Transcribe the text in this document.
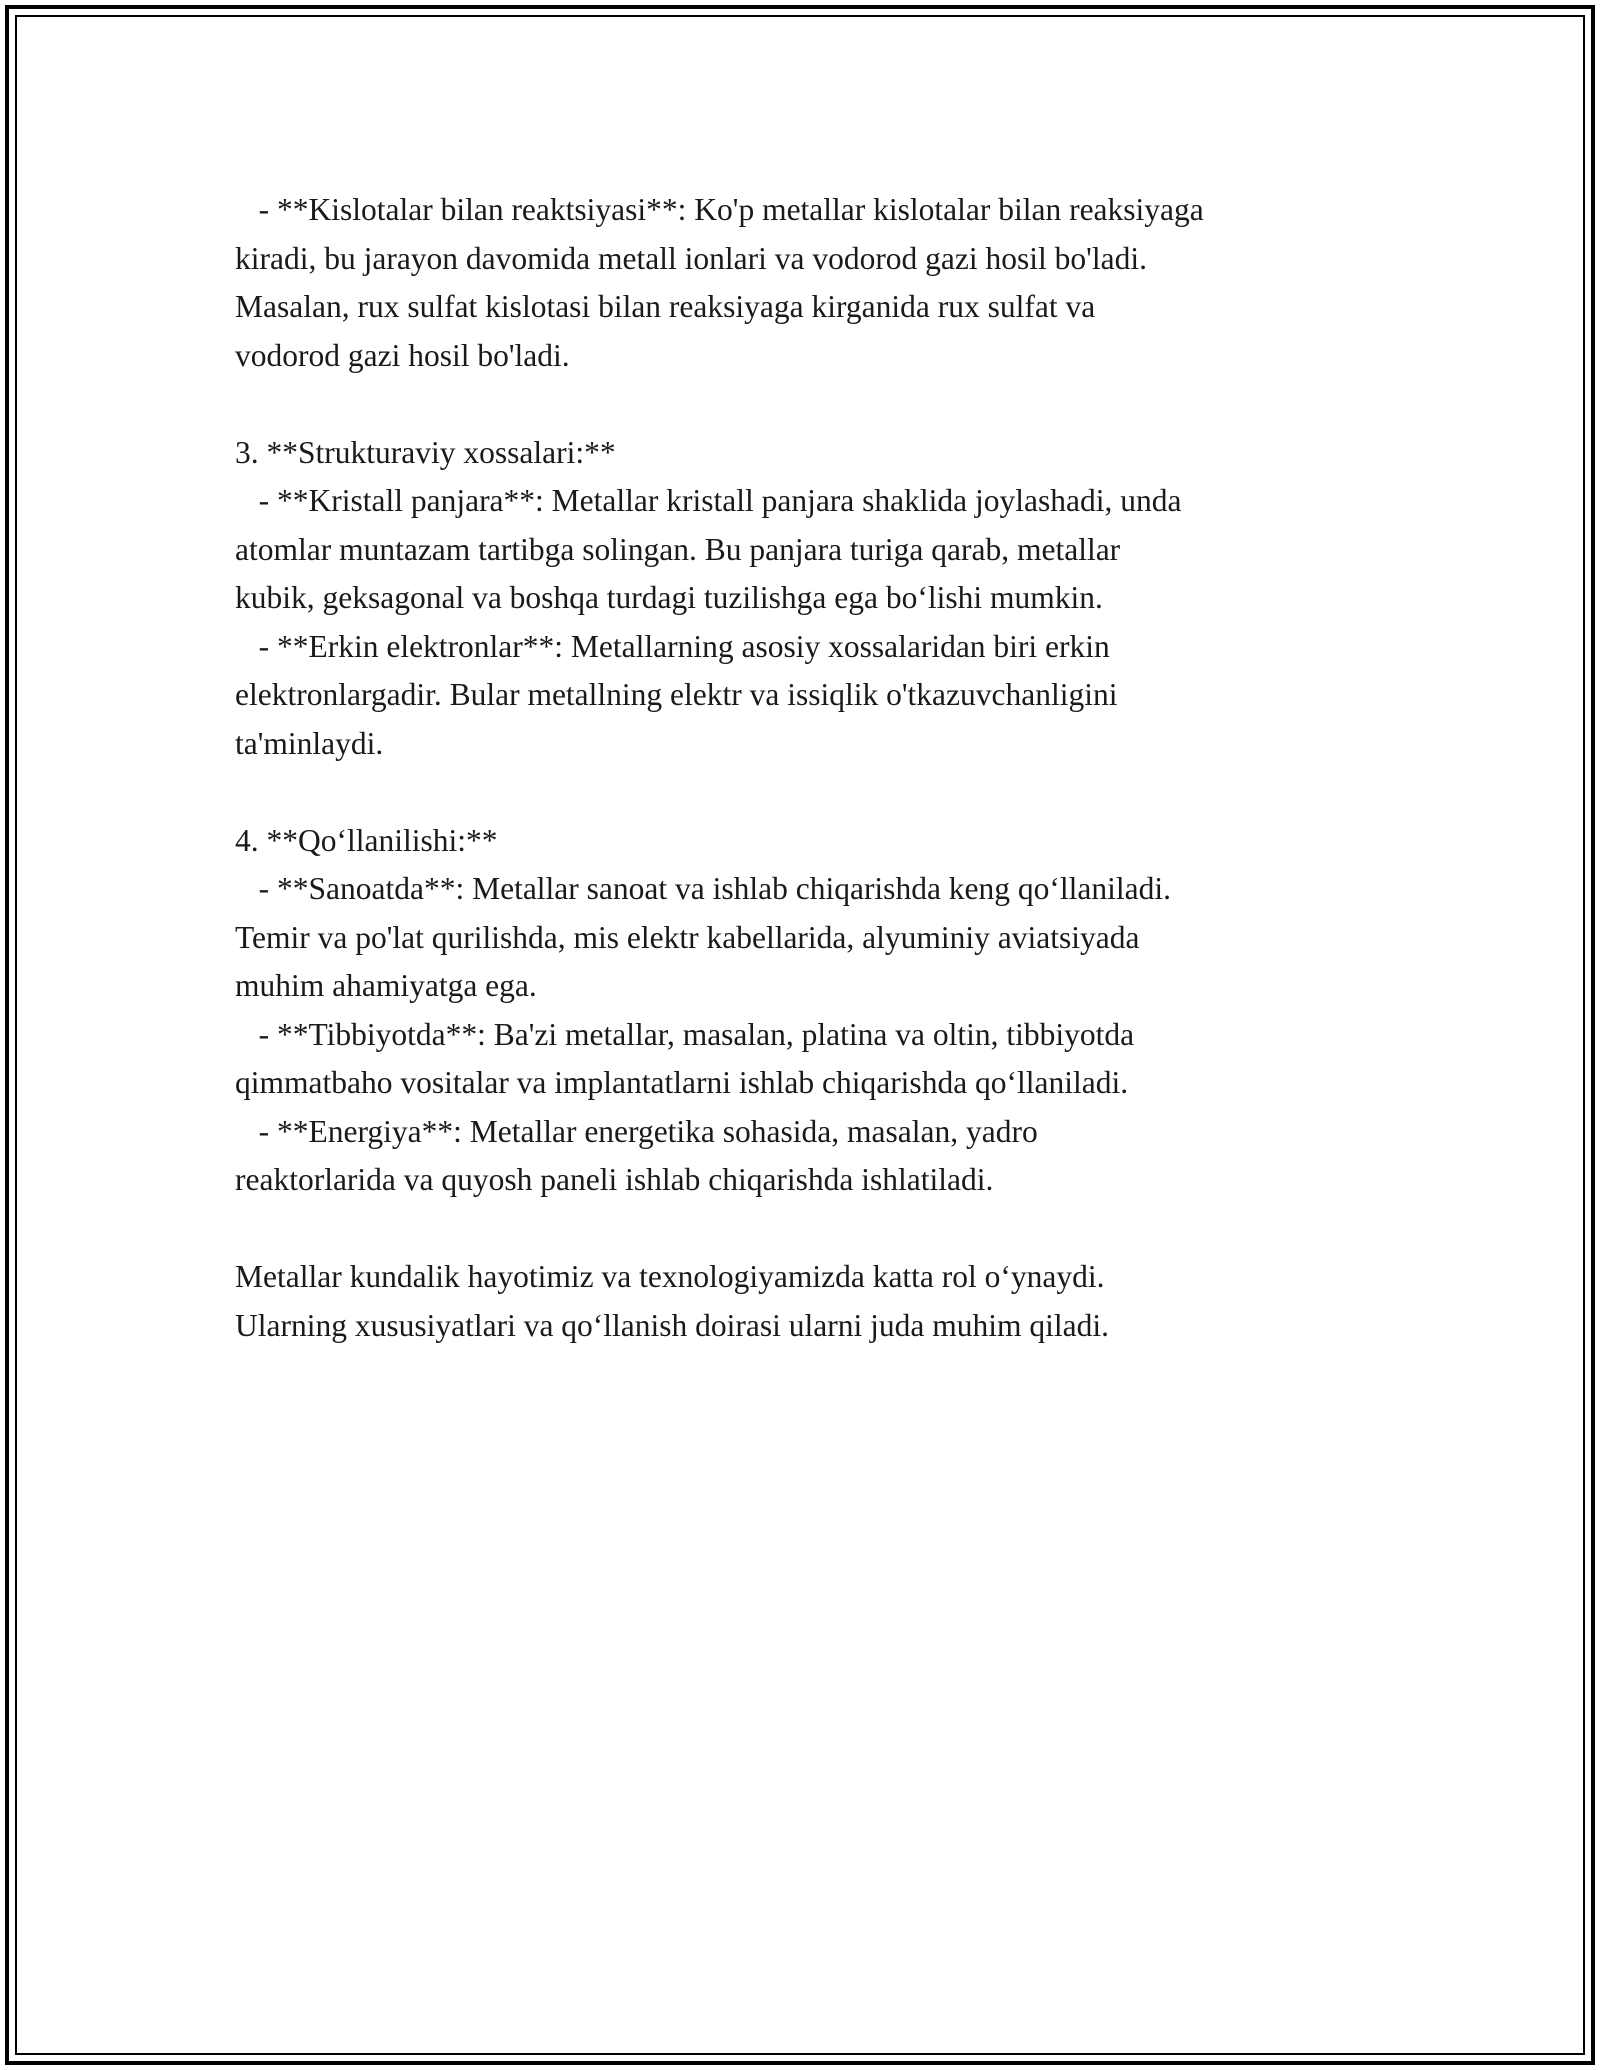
- **Kislotalar bilan reaktsiyasi**: Ko'p metallar kislotalar bilan reaksiyaga
kiradi, bu jarayon davomida metall ionlari va vodorod gazi hosil bo'ladi.
Masalan, rux sulfat kislotasi bilan reaksiyaga kirganida rux sulfat va
vodorod gazi hosil bo'ladi.
3. **Strukturaviy xossalari:**
- **Kristall panjara**: Metallar kristall panjara shaklida joylashadi, unda
atomlar muntazam tartibga solingan. Bu panjara turiga qarab, metallar
kubik, geksagonal va boshqa turdagi tuzilishga ega bo‘lishi mumkin.
- **Erkin elektronlar**: Metallarning asosiy xossalaridan biri erkin
elektronlargadir. Bular metallning elektr va issiqlik o'tkazuvchanligini
ta'minlaydi.
4. **Qo‘llanilishi:**
- **Sanoatda**: Metallar sanoat va ishlab chiqarishda keng qo‘llaniladi.
Temir va po'lat qurilishda, mis elektr kabellarida, alyuminiy aviatsiyada
muhim ahamiyatga ega.
- **Tibbiyotda**: Ba'zi metallar, masalan, platina va oltin, tibbiyotda
qimmatbaho vositalar va implantatlarni ishlab chiqarishda qo‘llaniladi.
- **Energiya**: Metallar energetika sohasida, masalan, yadro
reaktorlarida va quyosh paneli ishlab chiqarishda ishlatiladi.
Metallar kundalik hayotimiz va texnologiyamizda katta rol o‘ynaydi.
Ularning xususiyatlari va qo‘llanish doirasi ularni juda muhim qiladi.
